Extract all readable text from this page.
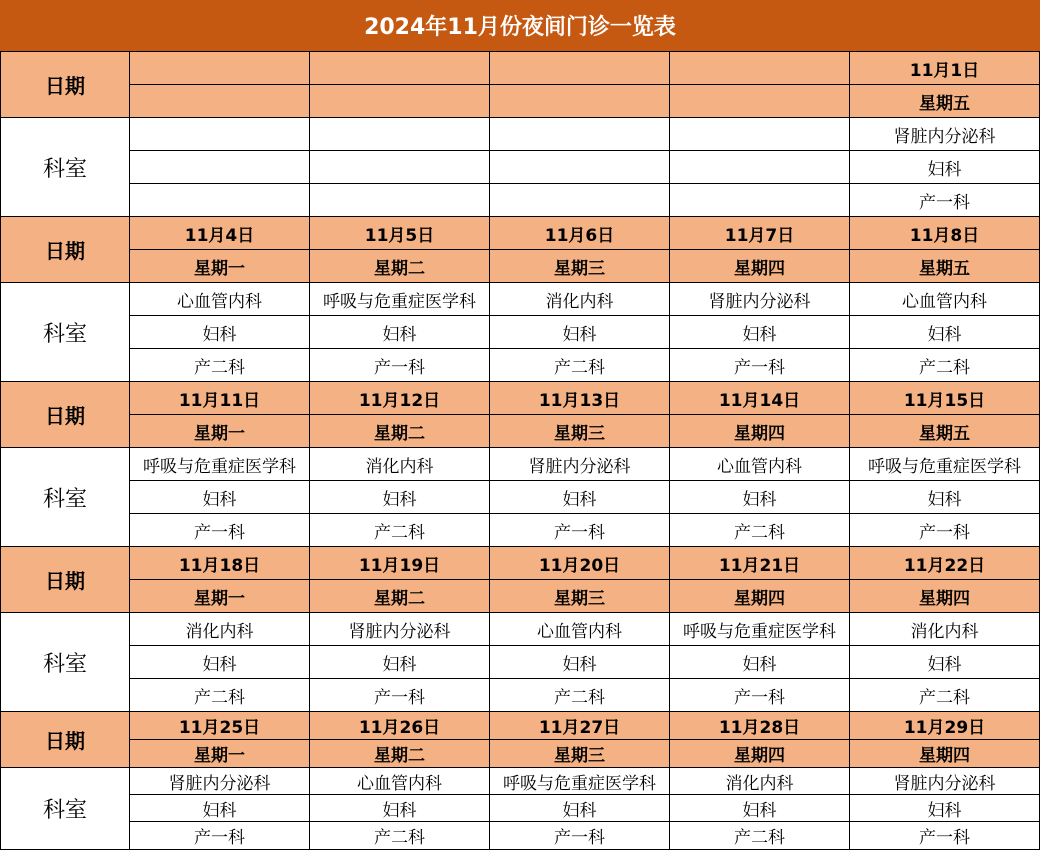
2024年11月份夜间门诊一览表
日期
科室
11月1日
星期五
肾脏内分泌科
妇科
产一科
日期
科室
11月4日
星期一
心血管内科
妇科
产二科
11月5日
星期二
呼吸与危重症医学科
妇科
产一科
11月6日
星期三
消化内科
妇科
产二科
11月7日
星期四
肾脏内分泌科
妇科
产一科
11月8日
星期五
心血管内科
妇科
产二科
日期
科室
11月11日
星期一
呼吸与危重症医学科
妇科
产一科
11月12日
星期二
消化内科
妇科
产二科
11月13日
星期三
肾脏内分泌科
妇科
产一科
11月14日
星期四
心血管内科
妇科
产二科
11月15日
星期五
呼吸与危重症医学科
妇科
产一科
日期
科室
11月18日
星期一
消化内科
妇科
产二科
11月19日
星期二
肾脏内分泌科
妇科
产一科
11月20日
星期三
心血管内科
妇科
产二科
11月21日
星期四
呼吸与危重症医学科
妇科
产一科
11月22日
星期四
消化内科
妇科
产二科
日期
科室
11月25日
星期一
肾脏内分泌科
妇科
产一科
11月26日
星期二
心血管内科
妇科
产二科
11月27日
星期三
呼吸与危重症医学科
妇科
产一科
11月28日
星期四
消化内科
妇科
产二科
11月29日
星期四
肾脏内分泌科
妇科
产一科
